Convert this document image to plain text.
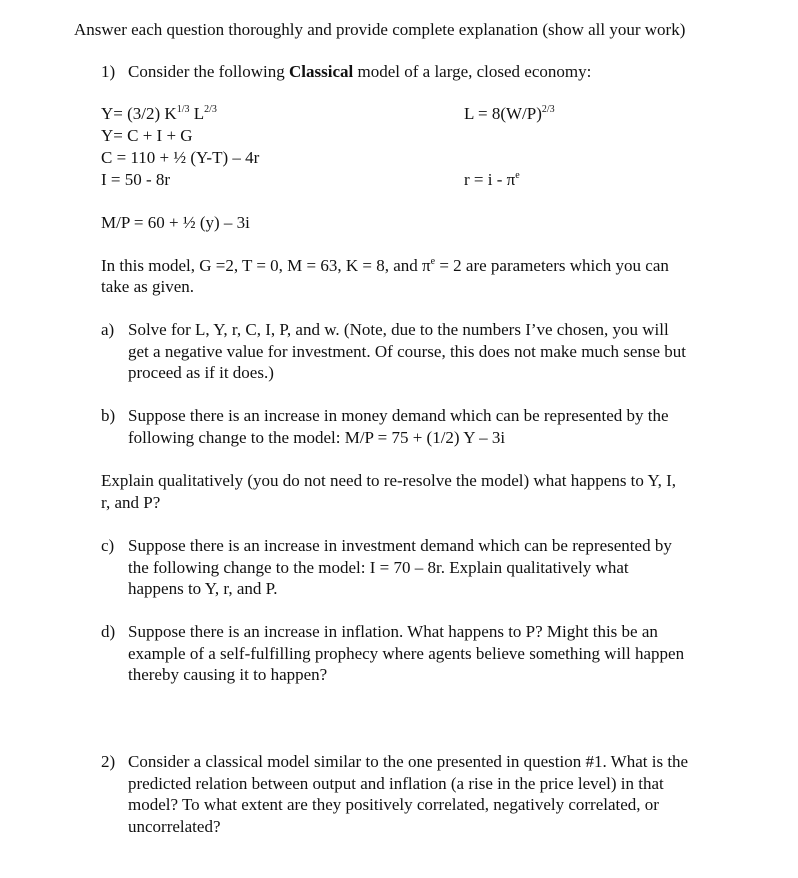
Answer each question thoroughly and provide complete explanation (show all your work)
1) Consider the following Classical model of a large, closed economy:
Y= (3/2) $K^{1/3}$ $L^{2/3}$	$L = 8(W/P)^{2/3}$
Y= C + I + G
C = 110 + ½ (Y-T) – 4r
I = 50 - 8r	$r = i - \pi^e$
M/P = 60 + ½ (y) – 3i
In this model, G =2, T = 0, M = 63, K = 8, and $\pi^e = 2$ are parameters which you can
take as given.
a) Solve for L, Y, r, C, I, P, and w. (Note, due to the numbers I’ve chosen, you will
get a negative value for investment. Of course, this does not make much sense but
proceed as if it does.)
b) Suppose there is an increase in money demand which can be represented by the
following change to the model: M/P = 75 + (1/2) Y – 3i
Explain qualitatively (you do not need to re-resolve the model) what happens to Y, I,
r, and P?
c) Suppose there is an increase in investment demand which can be represented by
the following change to the model: I = 70 – 8r. Explain qualitatively what
happens to Y, r, and P.
d) Suppose there is an increase in inflation. What happens to P? Might this be an
example of a self-fulfilling prophecy where agents believe something will happen
thereby causing it to happen?
2) Consider a classical model similar to the one presented in question #1. What is the
predicted relation between output and inflation (a rise in the price level) in that
model? To what extent are they positively correlated, negatively correlated, or
uncorrelated?
